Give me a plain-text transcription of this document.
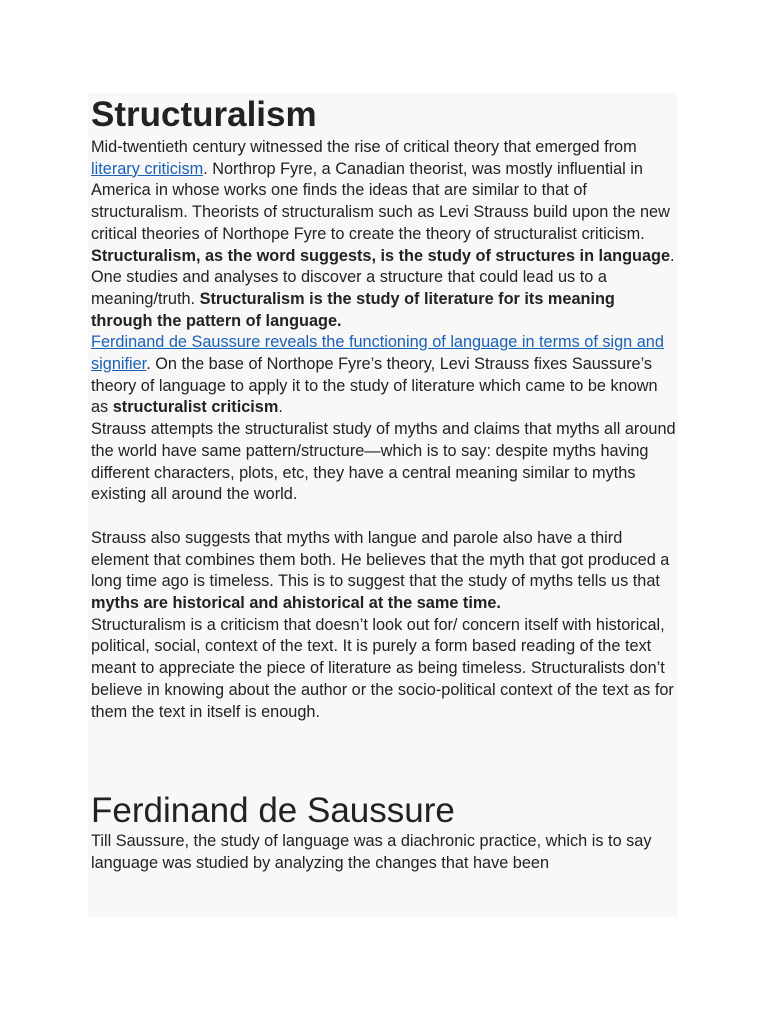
Structuralism

Mid-twentieth century witnessed the rise of critical theory that emerged from literary criticism. Northrop Fyre, a Canadian theorist, was mostly influential in America in whose works one finds the ideas that are similar to that of structuralism. Theorists of structuralism such as Levi Strauss build upon the new critical theories of Northope Fyre to create the theory of structuralist criticism.

Structuralism, as the word suggests, is the study of structures in language. One studies and analyses to discover a structure that could lead us to a meaning/truth. Structuralism is the study of literature for its meaning through the pattern of language.

Ferdinand de Saussure reveals the functioning of language in terms of sign and signifier. On the base of Northope Fyre’s theory, Levi Strauss fixes Saussure’s theory of language to apply it to the study of literature which came to be known as structuralist criticism.

Strauss attempts the structuralist study of myths and claims that myths all around the world have same pattern/structure—which is to say: despite myths having different characters, plots, etc, they have a central meaning similar to myths existing all around the world.

Strauss also suggests that myths with langue and parole also have a third element that combines them both. He believes that the myth that got produced a long time ago is timeless. This is to suggest that the study of myths tells us that myths are historical and ahistorical at the same time.

Structuralism is a criticism that doesn’t look out for/ concern itself with historical, political, social, context of the text. It is purely a form based reading of the text meant to appreciate the piece of literature as being timeless. Structuralists don’t believe in knowing about the author or the socio-political context of the text as for them the text in itself is enough.

Ferdinand de Saussure

Till Saussure, the study of language was a diachronic practice, which is to say language was studied by analyzing the changes that have been
